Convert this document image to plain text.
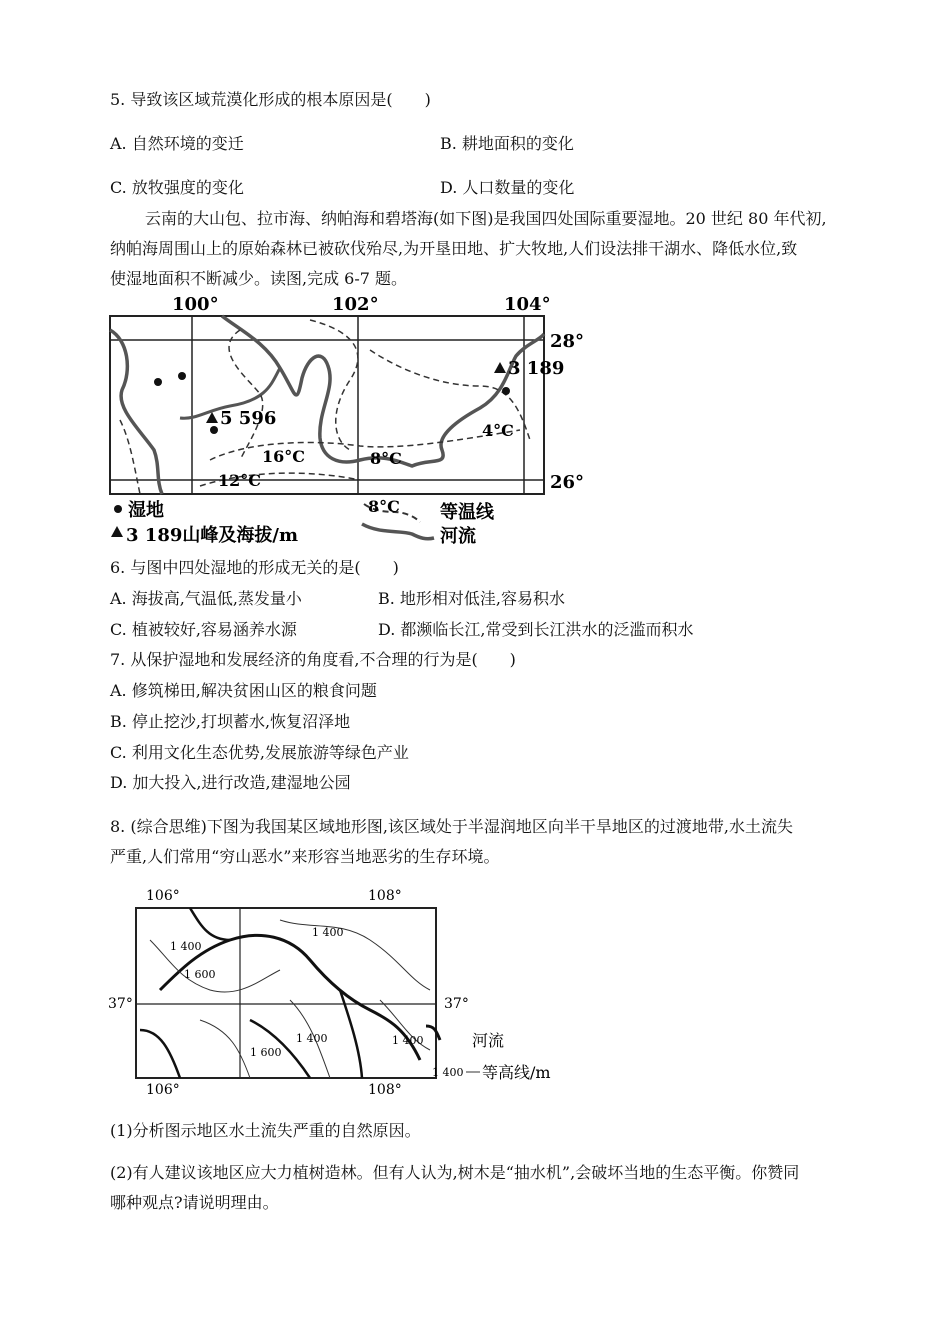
5. 导致该区域荒漠化形成的根本原因是(　　)
A. 自然环境的变迁	B. 耕地面积的变化
C. 放牧强度的变化	D. 人口数量的变化
云南的大山包、拉市海、纳帕海和碧塔海(如下图)是我国四处国际重要湿地。20 世纪 80 年代初,
纳帕海周围山上的原始森林已被砍伐殆尽,为开垦田地、扩大牧地,人们设法排干湖水、降低水位,致
使湿地面积不断减少。读图,完成 6-7 题。
100°	102°	104°
28°
26°
5 596
3 189
16°C	8°C
4°C
12°C
湿地	8°C 等温线
3 189山峰及海拔/m	河流
6. 与图中四处湿地的形成无关的是(　　)
A. 海拔高,气温低,蒸发量小	B. 地形相对低洼,容易积水
C. 植被较好,容易涵养水源	D. 都濒临长江,常受到长江洪水的泛滥而积水
7. 从保护湿地和发展经济的角度看,不合理的行为是(　　)
A. 修筑梯田,解决贫困山区的粮食问题
B. 停止挖沙,打坝蓄水,恢复沼泽地
C. 利用文化生态优势,发展旅游等绿色产业
D. 加大投入,进行改造,建湿地公园
8. (综合思维)下图为我国某区域地形图,该区域处于半湿润地区向半干旱地区的过渡地带,水土流失
严重,人们常用“穷山恶水”来形容当地恶劣的生存环境。
106°	108°
106°	108°
37°	37°
1 400
1 400
1 600
1 600
1 400	1 400	河流
1 400 等高线/m
(1)分析图示地区水土流失严重的自然原因。
(2)有人建议该地区应大力植树造林。但有人认为,树木是“抽水机”,会破坏当地的生态平衡。你赞同
哪种观点?请说明理由。
